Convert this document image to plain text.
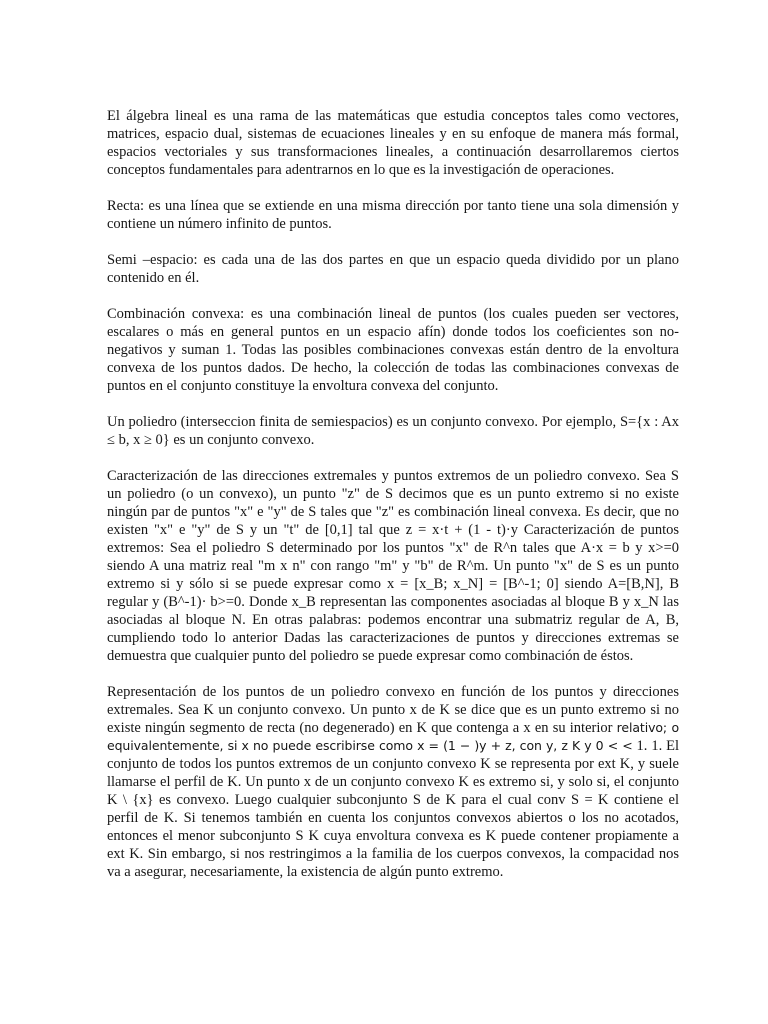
El álgebra lineal es una rama de las matemáticas que estudia conceptos tales como vectores, matrices, espacio dual, sistemas de ecuaciones lineales y en su enfoque de manera más formal, espacios vectoriales y sus transformaciones lineales, a continuación desarrollaremos ciertos conceptos fundamentales para adentrarnos en lo que es la investigación de operaciones.

Recta: es una línea que se extiende en una misma dirección por tanto tiene una sola dimensión y contiene un número infinito de puntos.

Semi –espacio: es cada una de las dos partes en que un espacio queda dividido por un plano contenido en él.

Combinación convexa: es una combinación lineal de puntos (los cuales pueden ser vectores, escalares o más en general puntos en un espacio afín) donde todos los coeficientes son no-negativos y suman 1. Todas las posibles combinaciones convexas están dentro de la envoltura convexa de los puntos dados. De hecho, la colección de todas las combinaciones convexas de puntos en el conjunto constituye la envoltura convexa del conjunto.

Un poliedro (interseccion finita de semiespacios) es un conjunto convexo. Por ejemplo, S={x : Ax ≤ b, x ≥ 0} es un conjunto convexo.

Caracterización de las direcciones extremales y puntos extremos de un poliedro convexo. Sea S un poliedro (o un convexo), un punto "z" de S decimos que es un punto extremo si no existe ningún par de puntos "x" e "y" de S tales que "z" es combinación lineal convexa. Es decir, que no existen "x" e "y" de S y un "t" de [0,1] tal que z = x·t + (1 - t)·y Caracterización de puntos extremos: Sea el poliedro S determinado por los puntos "x" de R^n tales que A·x = b y x>=0 siendo A una matriz real "m x n" con rango "m" y "b" de R^m. Un punto "x" de S es un punto extremo si y sólo si se puede expresar como x = [x_B; x_N] = [B^-1; 0] siendo A=[B,N], B regular y (B^-1)· b>=0. Donde x_B representan las componentes asociadas al bloque B y x_N las asociadas al bloque N. En otras palabras: podemos encontrar una submatriz regular de A, B, cumpliendo todo lo anterior Dadas las caracterizaciones de puntos y direcciones extremas se demuestra que cualquier punto del poliedro se puede expresar como combinación de éstos.

Representación de los puntos de un poliedro convexo en función de los puntos y direcciones extremales. Sea K un conjunto convexo. Un punto x de K se dice que es un punto extremo si no existe ningún segmento de recta (no degenerado) en K que contenga a x en su interior relativo; o equivalentemente, si x no puede escribirse como x = (1 − )y + z, con y, z K y 0 < < 1. 1. El conjunto de todos los puntos extremos de un conjunto convexo K se representa por ext K, y suele llamarse el perfil de K. Un punto x de un conjunto convexo K es extremo si, y solo si, el conjunto K \ {x} es convexo. Luego cualquier subconjunto S de K para el cual conv S = K contiene el perfil de K. Si tenemos también en cuenta los conjuntos convexos abiertos o los no acotados, entonces el menor subconjunto S K cuya envoltura convexa es K puede contener propiamente a ext K. Sin embargo, si nos restringimos a la familia de los cuerpos convexos, la compacidad nos va a asegurar, necesariamente, la existencia de algún punto extremo.
